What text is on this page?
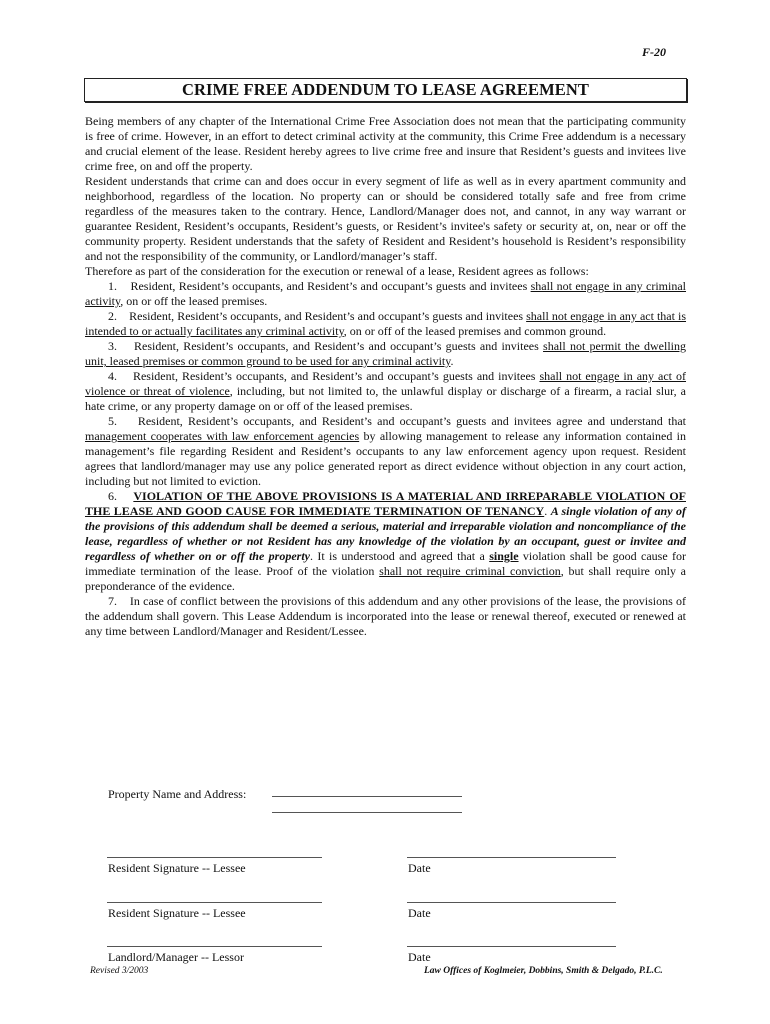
F-20
CRIME FREE ADDENDUM TO LEASE AGREEMENT

Being members of any chapter of the International Crime Free Association does not mean that the participating community is free of crime. However, in an effort to detect criminal activity at the community, this Crime Free addendum is a necessary and crucial element of the lease. Resident hereby agrees to live crime free and insure that Resident’s guests and invitees live crime free, on and off the property.

Resident understands that crime can and does occur in every segment of life as well as in every apartment community and neighborhood, regardless of the location. No property can or should be considered totally safe and free from crime regardless of the measures taken to the contrary. Hence, Landlord/Manager does not, and cannot, in any way warrant or guarantee Resident, Resident’s occupants, Resident’s guests, or Resident’s invitee's safety or security at, on, near or off the community property. Resident understands that the safety of Resident and Resident’s household is Resident’s responsibility and not the responsibility of the community, or Landlord/manager’s staff.

Therefore as part of the consideration for the execution or renewal of a lease, Resident agrees as follows:

1. Resident, Resident’s occupants, and Resident’s and occupant’s guests and invitees shall not engage in any criminal activity, on or off the leased premises.

2. Resident, Resident’s occupants, and Resident’s and occupant’s guests and invitees shall not engage in any act that is intended to or actually facilitates any criminal activity, on or off of the leased premises and common ground.

3. Resident, Resident’s occupants, and Resident’s and occupant’s guests and invitees shall not permit the dwelling unit, leased premises or common ground to be used for any criminal activity.

4. Resident, Resident’s occupants, and Resident’s and occupant’s guests and invitees shall not engage in any act of violence or threat of violence, including, but not limited to, the unlawful display or discharge of a firearm, a racial slur, a hate crime, or any property damage on or off of the leased premises.

5. Resident, Resident’s occupants, and Resident’s and occupant’s guests and invitees agree and understand that management cooperates with law enforcement agencies by allowing management to release any information contained in management’s file regarding Resident and Resident’s occupants to any law enforcement agency upon request. Resident agrees that landlord/manager may use any police generated report as direct evidence without objection in any court action, including but not limited to eviction.

6. VIOLATION OF THE ABOVE PROVISIONS IS A MATERIAL AND IRREPARABLE VIOLATION OF THE LEASE AND GOOD CAUSE FOR IMMEDIATE TERMINATION OF TENANCY. A single violation of any of the provisions of this addendum shall be deemed a serious, material and irreparable violation and noncompliance of the lease, regardless of whether or not Resident has any knowledge of the violation by an occupant, guest or invitee and regardless of whether on or off the property. It is understood and agreed that a single violation shall be good cause for immediate termination of the lease. Proof of the violation shall not require criminal conviction, but shall require only a preponderance of the evidence.

7. In case of conflict between the provisions of this addendum and any other provisions of the lease, the provisions of the addendum shall govern. This Lease Addendum is incorporated into the lease or renewal thereof, executed or renewed at any time between Landlord/Manager and Resident/Lessee.

Property Name and Address:
Resident Signature -- Lessee	Date
Resident Signature -- Lessee	Date
Landlord/Manager -- Lessor	Date
Revised 3/2003	Law Offices of Koglmeier, Dobbins, Smith & Delgado, P.L.C.
